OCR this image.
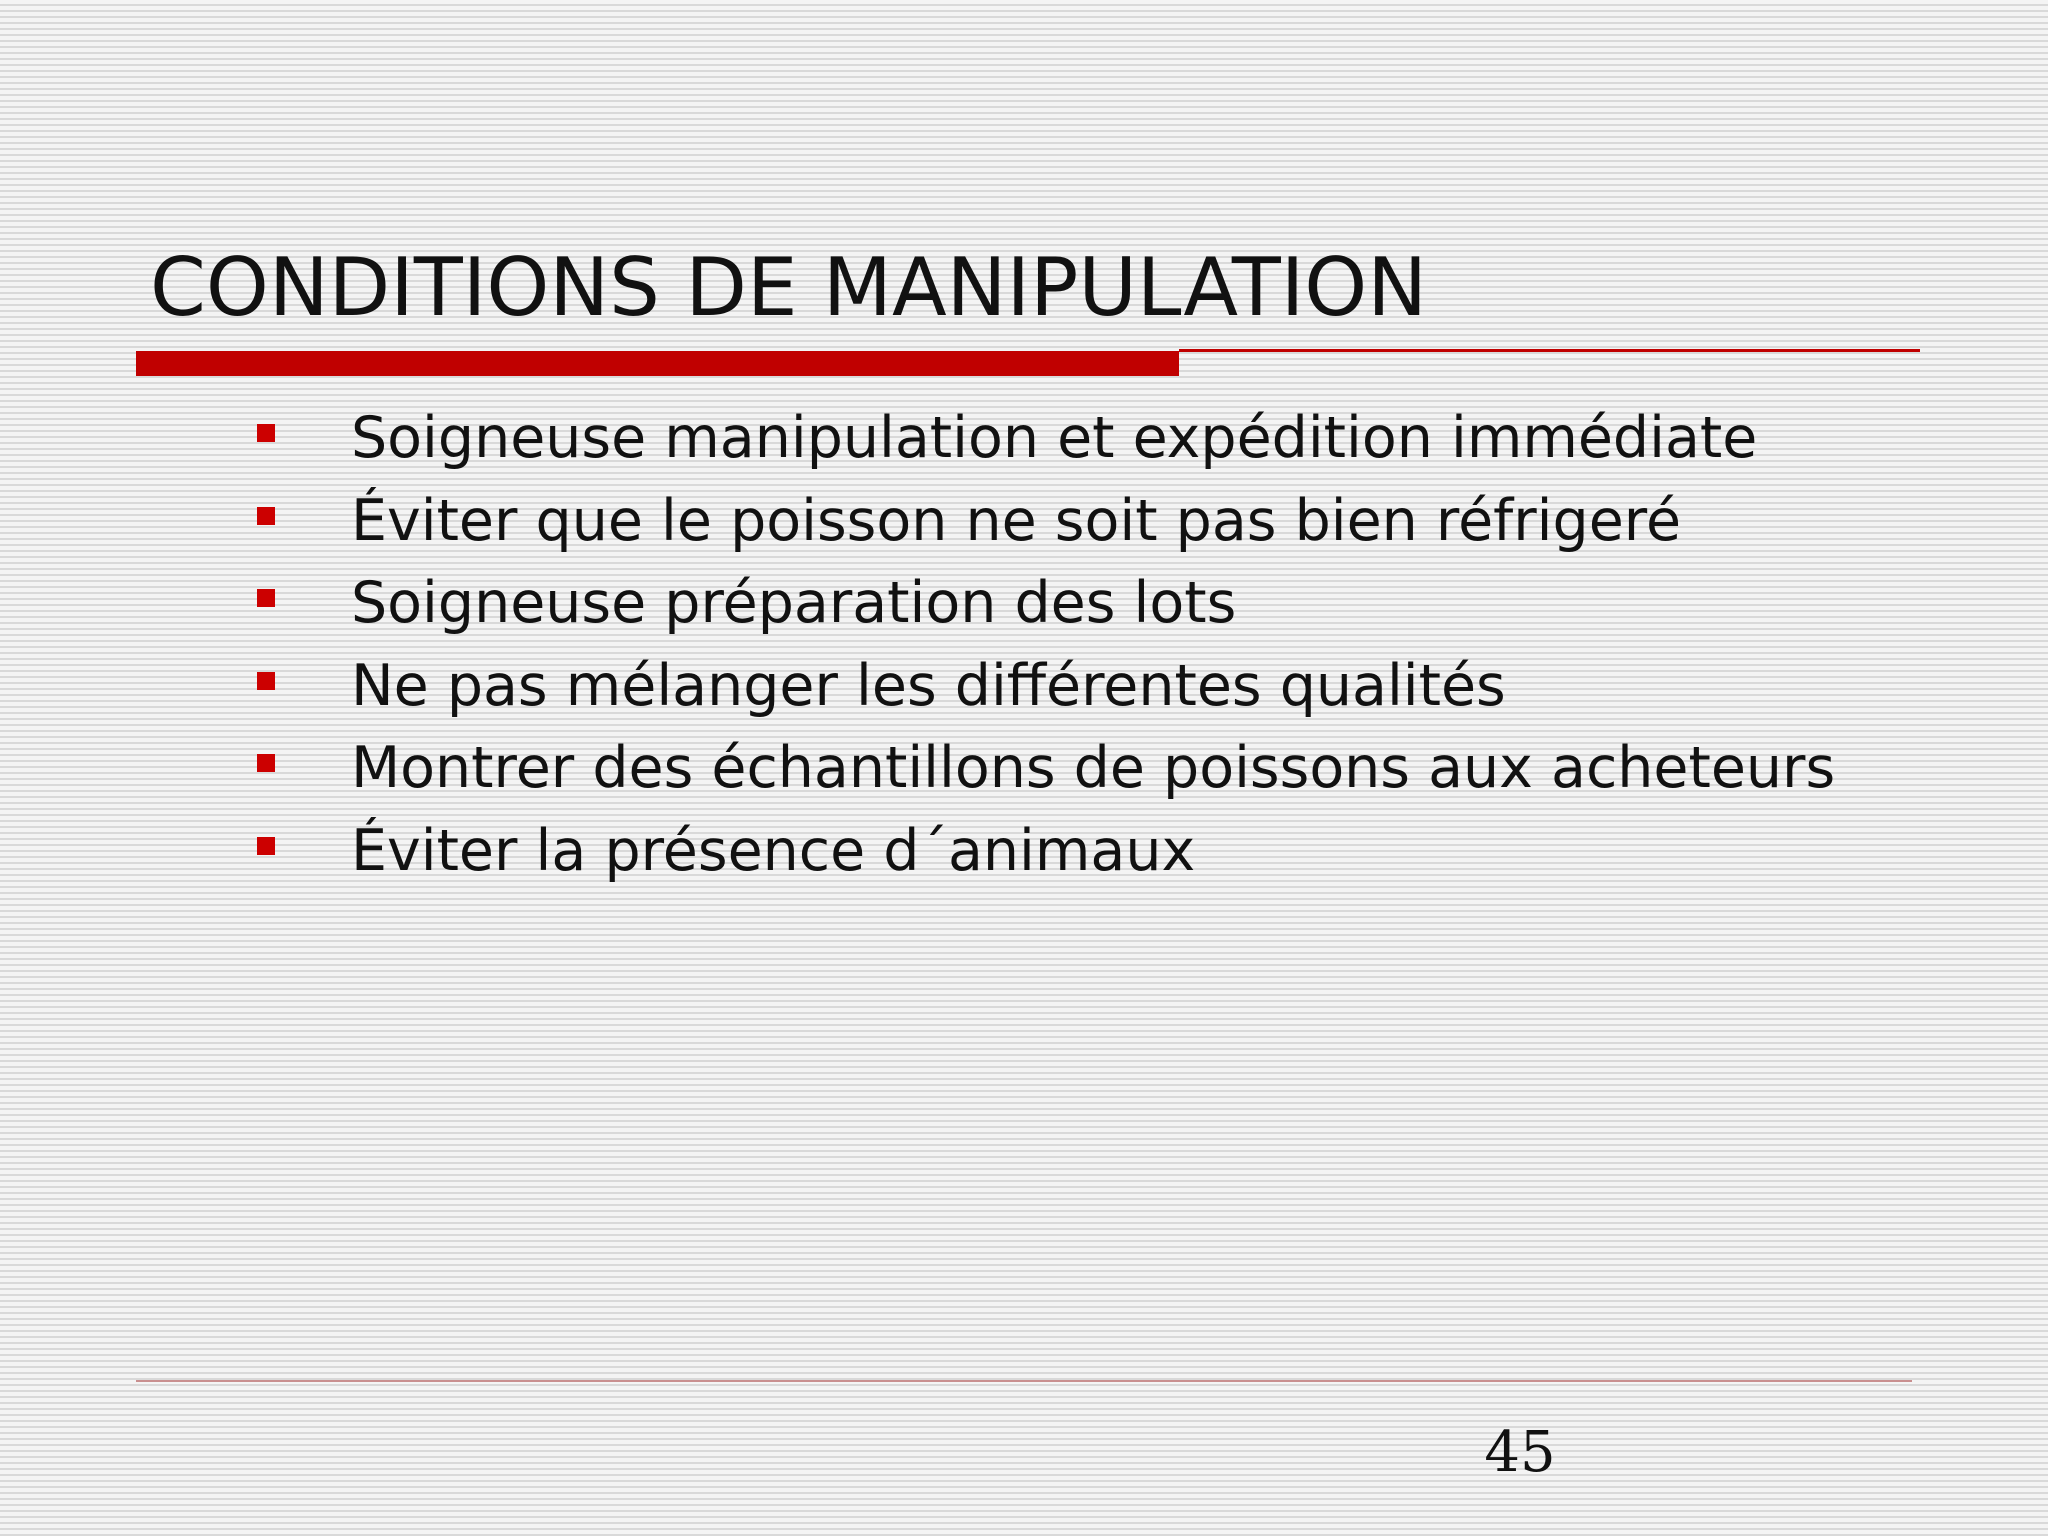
CONDITIONS DE MANIPULATION
Soigneuse manipulation et expédition immédiate
Éviter que le poisson ne soit pas bien réfrigeré
Soigneuse préparation des lots
Ne pas mélanger les différentes qualités
Montrer des échantillons de poissons aux acheteurs
Éviter la présence d´animaux
45
